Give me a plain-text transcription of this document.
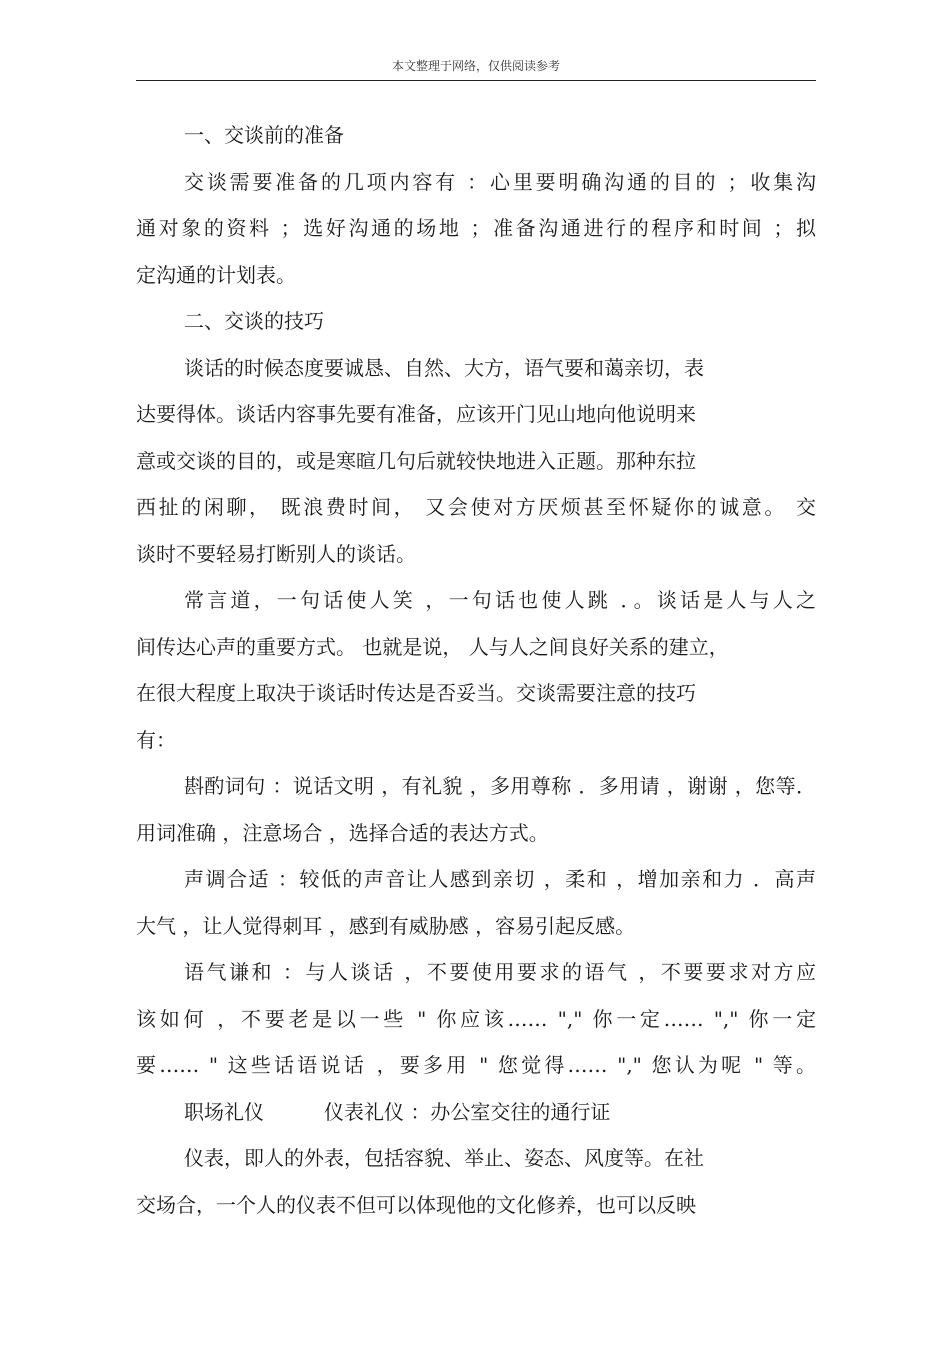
本文整理于网络，仅供阅读参考
一、交谈前的准备
交谈需要准备的几项内容有 ：心里要明确沟通的目的 ；收集沟
通对象的资料 ；选好沟通的场地 ；准备沟通进行的程序和时间 ；拟
定沟通的计划表。
二、交谈的技巧
谈话的时候态度要诚恳、自然、大方，语气要和蔼亲切，表
达要得体。谈话内容事先要有准备，应该开门见山地向他说明来
意或交谈的目的，或是寒暄几句后就较快地进入正题。那种东拉
西扯的闲聊， 既浪费时间， 又会使对方厌烦甚至怀疑你的诚意。 交
谈时不要轻易打断别人的谈话。
常言道，一句话使人笑 ，一句话也使人跳 ．。谈话是人与人之
间传达心声的重要方式。 也就是说， 人与人之间良好关系的建立，
在很大程度上取决于谈话时传达是否妥当。交谈需要注意的技巧
有：
斟酌词句 ：说话文明 ，有礼貌 ，多用尊称 ．多用请 ，谢谢 ，您等．
用词准确 ，注意场合 ，选择合适的表达方式。
声调合适 ：较低的声音让人感到亲切 ，柔和 ，增加亲和力 ．高声
大气 ，让人觉得刺耳 ，感到有威胁感 ，容易引起反感。
语气谦和 ：与人谈话 ，不要使用要求的语气 ，不要要求对方应
该如何 ，不要老是以一些 " 你应该…… "," 你一定…… "," 你一定
要…… " 这些话语说话 ，要多用 " 您觉得…… "," 您认为呢 " 等。
职场礼仪　　　仪表礼仪 ：办公室交往的通行证
仪表，即人的外表，包括容貌、举止、姿态、风度等。在社
交场合，一个人的仪表不但可以体现他的文化修养，也可以反映
